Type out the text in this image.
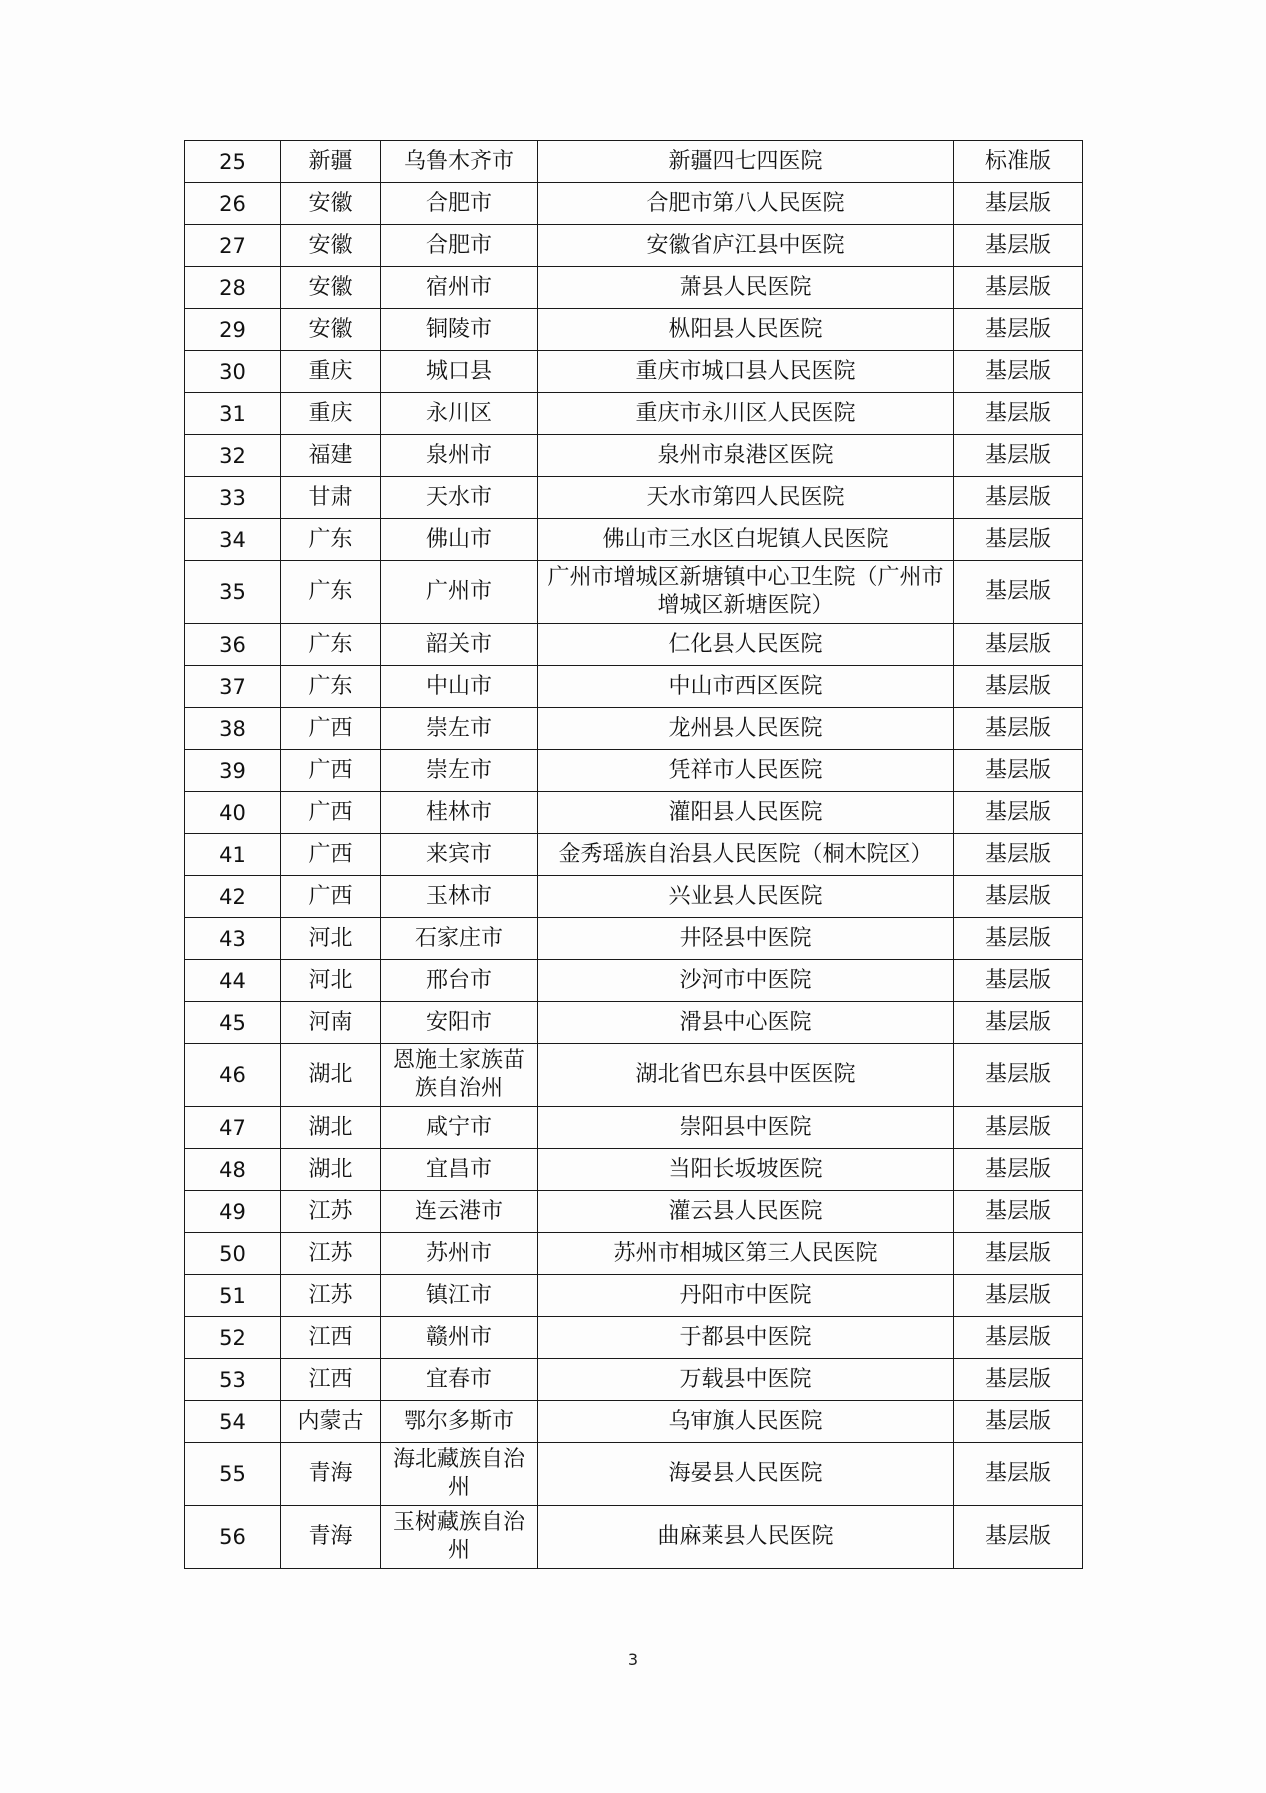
25	新疆	乌鲁木齐市	新疆四七四医院	标准版
26	安徽	合肥市	合肥市第八人民医院	基层版
27	安徽	合肥市	安徽省庐江县中医院	基层版
28	安徽	宿州市	萧县人民医院	基层版
29	安徽	铜陵市	枞阳县人民医院	基层版
30	重庆	城口县	重庆市城口县人民医院	基层版
31	重庆	永川区	重庆市永川区人民医院	基层版
32	福建	泉州市	泉州市泉港区医院	基层版
33	甘肃	天水市	天水市第四人民医院	基层版
34	广东	佛山市	佛山市三水区白坭镇人民医院	基层版
35	广东	广州市	广州市增城区新塘镇中心卫生院（广州市增城区新塘医院）	基层版
36	广东	韶关市	仁化县人民医院	基层版
37	广东	中山市	中山市西区医院	基层版
38	广西	崇左市	龙州县人民医院	基层版
39	广西	崇左市	凭祥市人民医院	基层版
40	广西	桂林市	灌阳县人民医院	基层版
41	广西	来宾市	金秀瑶族自治县人民医院（桐木院区）	基层版
42	广西	玉林市	兴业县人民医院	基层版
43	河北	石家庄市	井陉县中医院	基层版
44	河北	邢台市	沙河市中医院	基层版
45	河南	安阳市	滑县中心医院	基层版
46	湖北	恩施土家族苗族自治州	湖北省巴东县中医医院	基层版
47	湖北	咸宁市	崇阳县中医院	基层版
48	湖北	宜昌市	当阳长坂坡医院	基层版
49	江苏	连云港市	灌云县人民医院	基层版
50	江苏	苏州市	苏州市相城区第三人民医院	基层版
51	江苏	镇江市	丹阳市中医院	基层版
52	江西	赣州市	于都县中医院	基层版
53	江西	宜春市	万载县中医院	基层版
54	内蒙古	鄂尔多斯市	乌审旗人民医院	基层版
55	青海	海北藏族自治州	海晏县人民医院	基层版
56	青海	玉树藏族自治州	曲麻莱县人民医院	基层版
3
